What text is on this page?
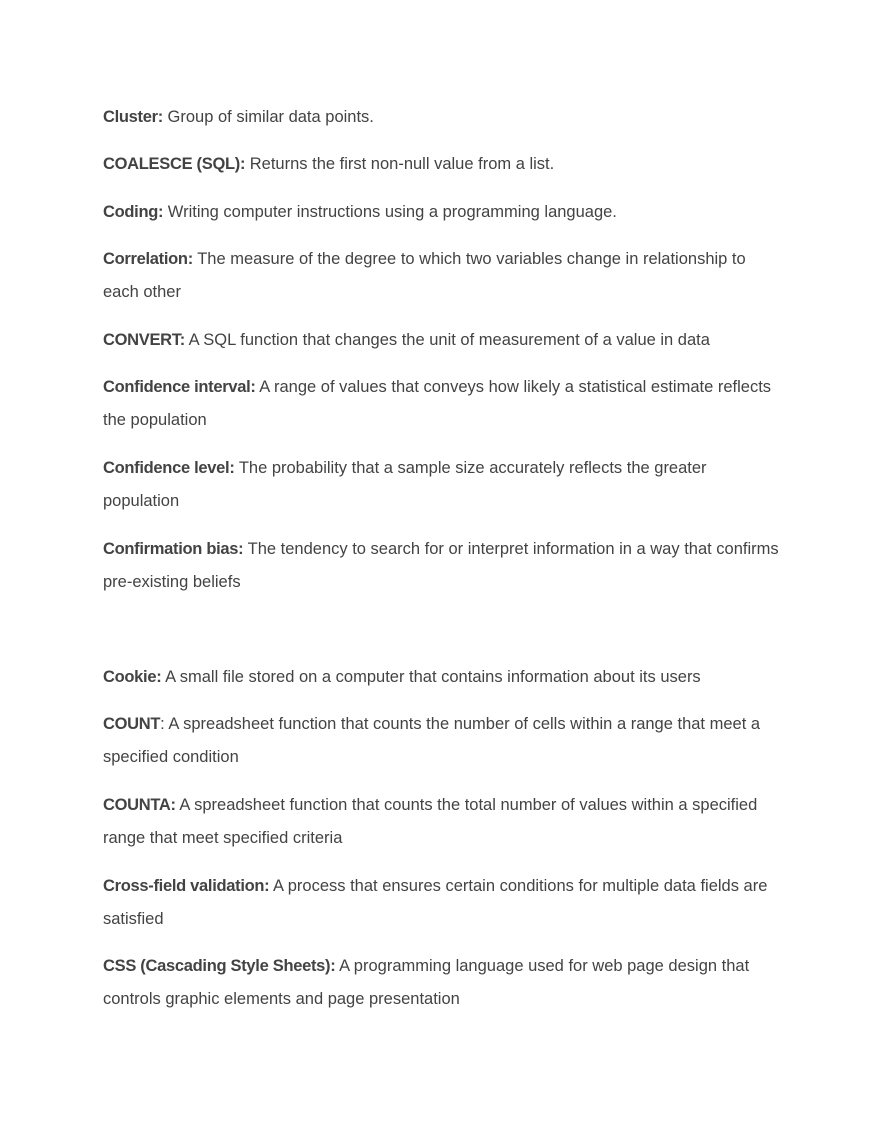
Cluster: Group of similar data points.

COALESCE (SQL): Returns the first non-null value from a list.

Coding: Writing computer instructions using a programming language.

Correlation: The measure of the degree to which two variables change in relationship to each other

CONVERT: A SQL function that changes the unit of measurement of a value in data

Confidence interval: A range of values that conveys how likely a statistical estimate reflects the population

Confidence level: The probability that a sample size accurately reflects the greater population

Confirmation bias: The tendency to search for or interpret information in a way that confirms pre-existing beliefs

Cookie: A small file stored on a computer that contains information about its users

COUNT: A spreadsheet function that counts the number of cells within a range that meet a specified condition

COUNTA: A spreadsheet function that counts the total number of values within a specified range that meet specified criteria

Cross-field validation: A process that ensures certain conditions for multiple data fields are satisfied

CSS (Cascading Style Sheets): A programming language used for web page design that controls graphic elements and page presentation
